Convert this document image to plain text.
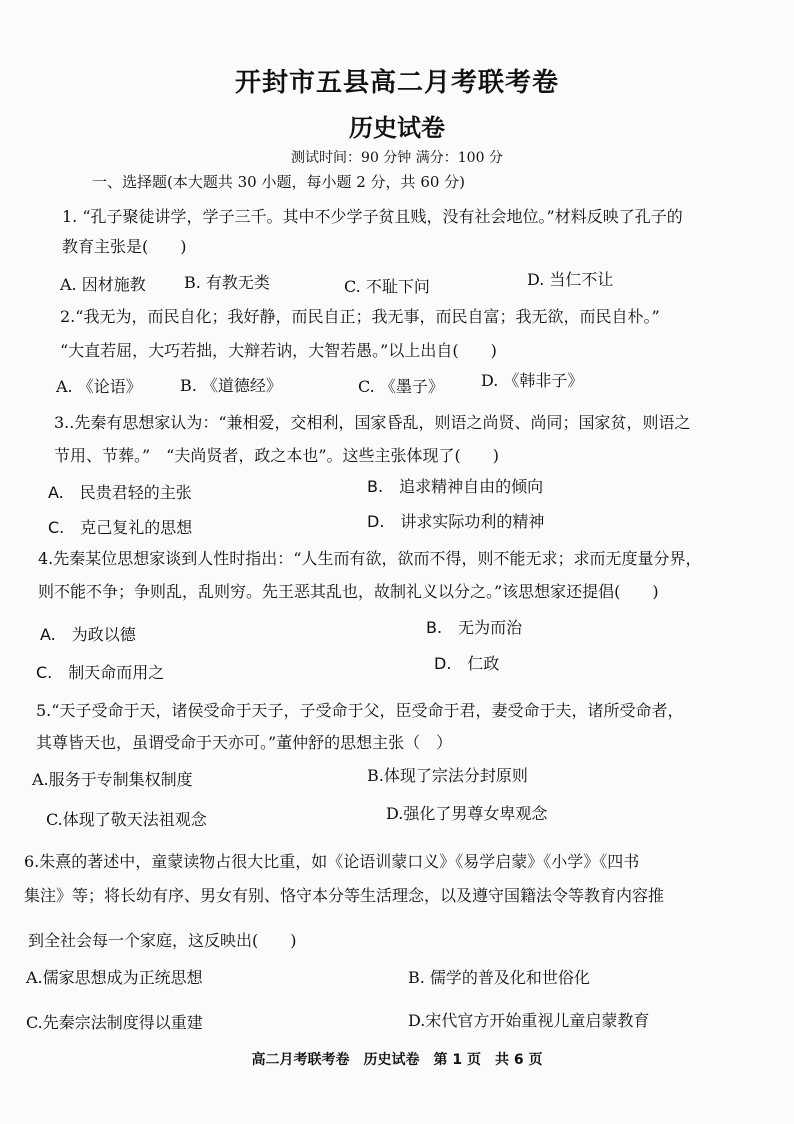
开封市五县高二月考联考卷
历史试卷
测试时间：90 分钟 满分：100 分
一、选择题(本大题共 30 小题，每小题 2 分，共 60 分)
1. “孔子聚徒讲学，学子三千。其中不少学子贫且贱，没有社会地位。”材料反映了孔子的
教育主张是(　　)
A. 因材施教 B. 有教无类	C. 不耻下问	D. 当仁不让
2.“我无为，而民自化；我好静，而民自正；我无事，而民自富；我无欲，而民自朴。”
“大直若屈，大巧若拙，大辩若讷，大智若愚。”以上出自(　　)
A. 《论语》 B. 《道德经》	C. 《墨子》 D. 《韩非子》
3..先秦有思想家认为：“兼相爱，交相利，国家昏乱，则语之尚贤、尚同；国家贫，则语之
节用、节葬。”　“夫尚贤者，政之本也”。这些主张体现了(　　)
A.　民贵君轻的主张	B.　追求精神自由的倾向
C.　克己复礼的思想	D.　讲求实际功利的精神
4.先秦某位思想家谈到人性时指出：“人生而有欲，欲而不得，则不能无求；求而无度量分界，
则不能不争；争则乱，乱则穷。先王恶其乱也，故制礼义以分之。”该思想家还提倡(　　)
A.　为政以德	B.　无为而治
C.　制天命而用之	D.　仁政
5.“天子受命于天，诸侯受命于天子，子受命于父，臣受命于君，妻受命于夫，诸所受命者，
其尊皆天也，虽谓受命于天亦可。”董仲舒的思想主张（　）
A.服务于专制集权制度	B.体现了宗法分封原则
C.体现了敬天法祖观念	D.强化了男尊女卑观念
6.朱熹的著述中，童蒙读物占很大比重，如《论语训蒙口义》《易学启蒙》《小学》《四书
集注》等；将长幼有序、男女有别、恪守本分等生活理念，以及遵守国籍法令等教育内容推
到全社会每一个家庭，这反映出(　　)
A.儒家思想成为正统思想	B. 儒学的普及化和世俗化
C.先秦宗法制度得以重建	D.宋代官方开始重视儿童启蒙教育
高二月考联考卷　历史试卷　第 1 页　共 6 页
